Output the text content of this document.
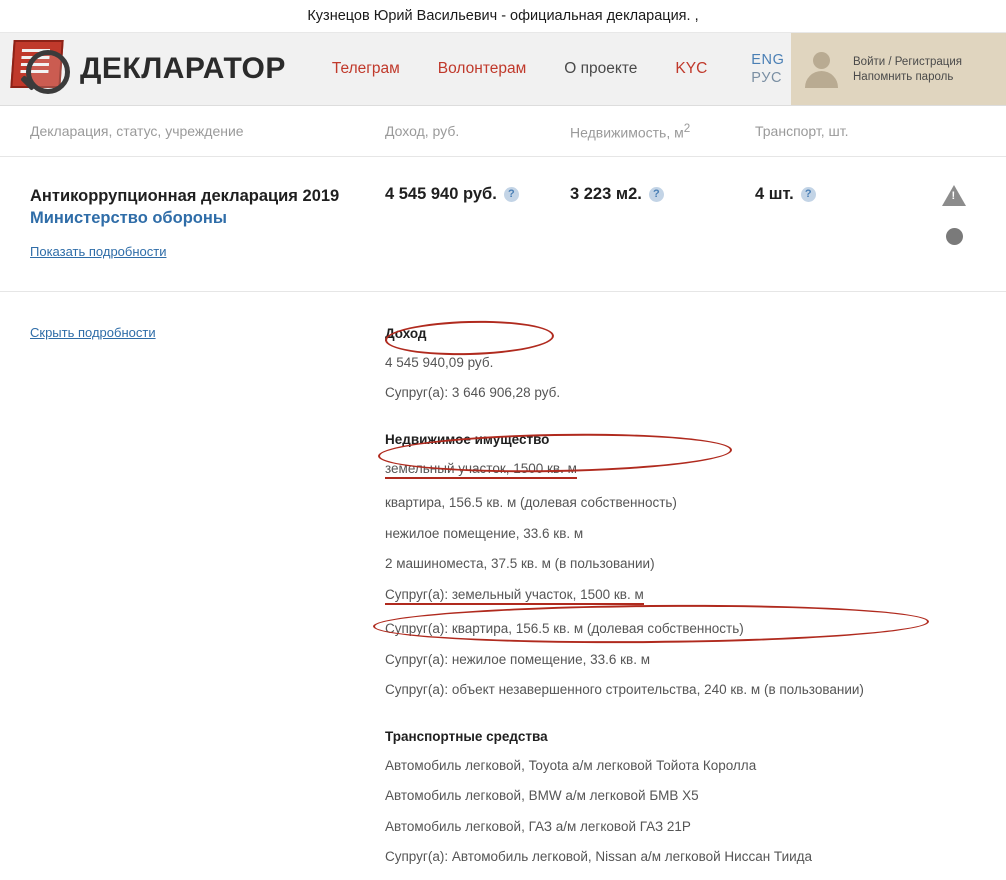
Кузнецов Юрий Васильевич - официальная декларация. ,
ДЕКЛАРАТОР	Телеграм Волонтерам О проекте KYC	ENG
РУС
Войти / Регистрация
Напомнить пароль
Декларация, статус, учреждение	Доход, руб.	Недвижимость, $м^2$	Транспорт, шт.
Антикоррупционная декларация 2019
Министерство обороны
Показать подробности
4 545 940 руб.	?	3 223 м2.	?	4 шт.	?
!
Скрыть подробности	Доход
4 545 940,09 руб.
Супруг(а): 3 646 906,28 руб.
Недвижимое имущество
земельный участок, 1500 кв. м
квартира, 156.5 кв. м (долевая собственность)
нежилое помещение, 33.6 кв. м
2 машиноместа, 37.5 кв. м (в пользовании)
Супруг(а): земельный участок, 1500 кв. м
Супруг(а): квартира, 156.5 кв. м (долевая собственность)
Супруг(а): нежилое помещение, 33.6 кв. м
Супруг(а): объект незавершенного строительства, 240 кв. м (в пользовании)
Транспортные средства
Автомобиль легковой, Toyota а/м легковой Тойота Королла
Автомобиль легковой, BMW а/м легковой БМВ Х5
Автомобиль легковой, ГАЗ а/м легковой ГАЗ 21Р
Супруг(а): Автомобиль легковой, Nissan а/м легковой Ниссан Тиида
